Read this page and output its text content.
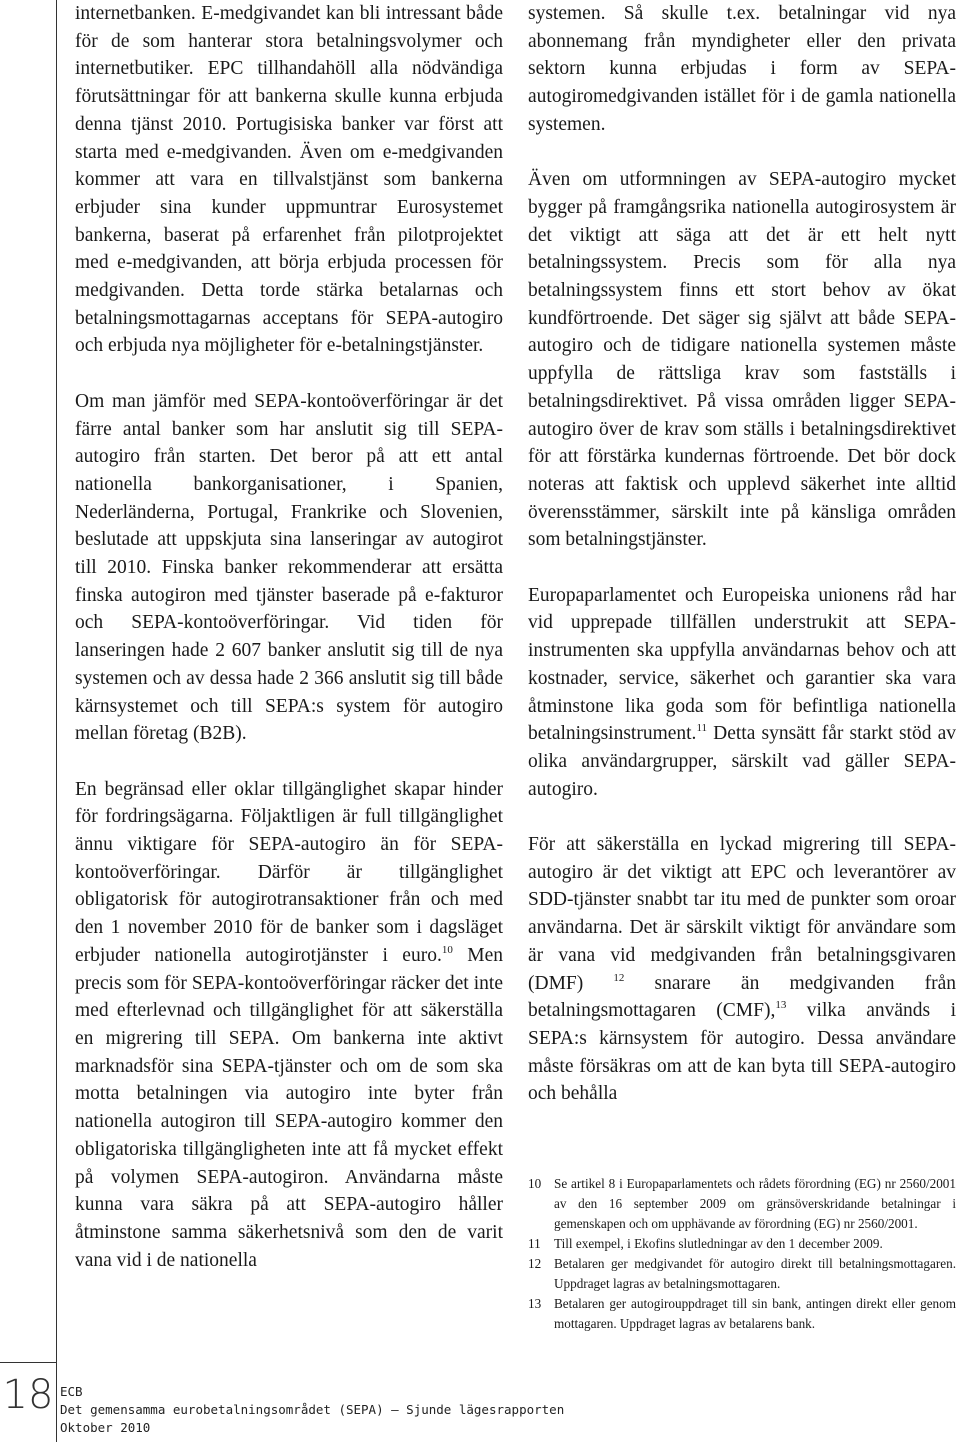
18

internetbanken. E-medgivandet kan bli intressant både för de som hanterar stora betalningsvolymer och internetbutiker. EPC tillhandahöll alla nödvändiga förutsättningar för att bankerna skulle kunna erbjuda denna tjänst 2010. Portugisiska banker var först att starta med e-medgivanden. Även om e-medgivanden kommer att vara en tillvalstjänst som bankerna erbjuder sina kunder uppmuntrar Eurosystemet bankerna, baserat på erfarenhet från pilotprojektet med e-medgivanden, att börja erbjuda processen för medgivanden. Detta torde stärka betalarnas och betalningsmottagarnas acceptans för SEPA-autogiro och erbjuda nya möjligheter för e-betalningstjänster.

Om man jämför med SEPA-kontoöverföringar är det färre antal banker som har anslutit sig till SEPA-autogiro från starten. Det beror på att ett antal nationella bankorganisationer, i Spanien, Nederländerna, Portugal, Frankrike och Slovenien, beslutade att uppskjuta sina lanseringar av autogirot till 2010. Finska banker rekommenderar att ersätta finska autogiron med tjänster baserade på e-fakturor och SEPA-kontoöverföringar. Vid tiden för lanseringen hade 2 607 banker anslutit sig till de nya systemen och av dessa hade 2 366 anslutit sig till både kärnsystemet och till SEPA:s system för autogiro mellan företag (B2B).

En begränsad eller oklar tillgänglighet skapar hinder för fordringsägarna. Följaktligen är full tillgänglighet ännu viktigare för SEPA-autogiro än för SEPA-kontoöverföringar. Därför är tillgänglighet obligatorisk för autogirotransaktioner från och med den 1 november 2010 för de banker som i dagsläget erbjuder nationella autogirotjänster i euro.$^{10}$ Men precis som för SEPA-kontoöverföringar räcker det inte med efterlevnad och tillgänglighet för att säkerställa en migrering till SEPA. Om bankerna inte aktivt marknadsför sina SEPA-tjänster och om de som ska motta betalningen via autogiro inte byter från nationella autogiron till SEPA-autogiro kommer den obligatoriska tillgängligheten inte att få mycket effekt på volymen SEPA-autogiron. Användarna måste kunna vara säkra på att SEPA-autogiro håller åtminstone samma säkerhetsnivå som den de varit vana vid i de nationella

systemen. Så skulle t.ex. betalningar vid nya abonnemang från myndigheter eller den privata sektorn kunna erbjudas i form av SEPA-autogiromedgivanden istället för i de gamla nationella systemen.

Även om utformningen av SEPA-autogiro mycket bygger på framgångsrika nationella autogirosystem är det viktigt att säga att det är ett helt nytt betalningssystem. Precis som för alla nya betalningssystem finns ett stort behov av ökat kundförtroende. Det säger sig självt att både SEPA-autogiro och de tidigare nationella systemen måste uppfylla de rättsliga krav som fastställs i betalningsdirektivet. På vissa områden ligger SEPA-autogiro över de krav som ställs i betalningsdirektivet för att förstärka kundernas förtroende. Det bör dock noteras att faktisk och upplevd säkerhet inte alltid överensstämmer, särskilt inte på känsliga områden som betalningstjänster.

Europaparlamentet och Europeiska unionens råd har vid upprepade tillfällen understrukit att SEPA-instrumenten ska uppfylla användarnas behov och att kostnader, service, säkerhet och garantier ska vara åtminstone lika goda som för befintliga nationella betalningsinstrument.$^{11}$ Detta synsätt får starkt stöd av olika användargrupper, särskilt vad gäller SEPA-autogiro.

För att säkerställa en lyckad migrering till SEPA-autogiro är det viktigt att EPC och leverantörer av SDD-tjänster snabbt tar itu med de punkter som oroar användarna. Det är särskilt viktigt för användare som är vana vid medgivanden från betalningsgivaren (DMF)	$^{12}$ snarare än medgivanden från betalningsmottagaren (CMF),$^{13}$ vilka används i SEPA:s kärnsystem för autogiro. Dessa användare måste försäkras om att de kan byta till SEPA-autogiro och behålla

10 Se artikel 8 i Europaparlamentets och rådets förordning (EG) nr 2560/2001 av den 16 september 2009 om gränsöverskridande betalningar i gemenskapen och om upphävande av förordning (EG) nr 2560/2001.
11	Till exempel, i Ekofins slutledningar av den 1 december 2009.
12 Betalaren ger medgivandet för autogiro direkt till betalningsmottagaren. Uppdraget lagras av betalningsmottagaren.
13 Betalaren ger autogirouppdraget till sin bank, antingen direkt eller genom mottagaren. Uppdraget lagras av betalarens bank.
ECB
Det gemensamma eurobetalningsområdet (SEPA) — Sjunde lägesrapporten
Oktober 2010
